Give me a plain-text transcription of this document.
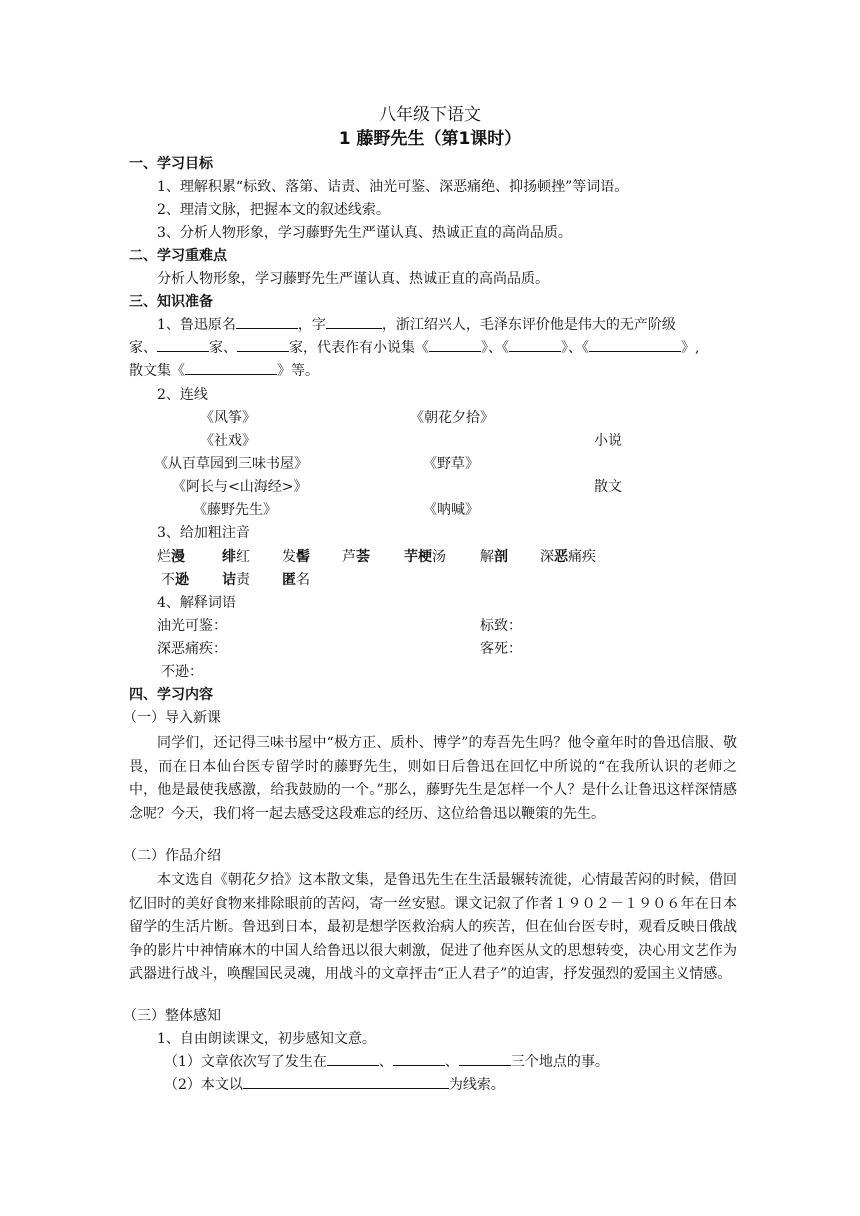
八年级下语文
1 藤野先生（第1课时）
一、学习目标
1、理解积累“标致、落第、诘责、油光可鉴、深恶痛绝、抑扬顿挫”等词语。
2、理清文脉，把握本文的叙述线索。
3、分析人物形象，学习藤野先生严谨认真、热诚正直的高尚品质。
二、学习重难点
分析人物形象，学习藤野先生严谨认真、热诚正直的高尚品质。
三、知识准备
1、鲁迅原名	，字	，浙江绍兴人，毛泽东评价他是伟大的无产阶级
家、	家、	家，代表作有小说集《	》、《	》、《	》,
散文集《	》等。
2、连线
《风筝》	《朝花夕拾》
《社戏》	小说
《从百草园到三味书屋》	《野草》
《阿长与<山海经>》	散文
《藤野先生》	《呐喊》
3、给加粗注音
烂漫	绯红 发髻 芦荟 芋梗汤 解剖 深恶痛疾
不逊 诘责 匿名
4、解释词语
油光可鉴：	标致：
深恶痛疾：	客死：
不逊：
四、学习内容
（一）导入新课
同学们，还记得三味书屋中“极方正、质朴、博学”的寿吾先生吗？他令童年时的鲁迅信服、敬畏，而在日本仙台医专留学时的藤野先生，则如日后鲁迅在回忆中所说的“在我所认识的老师之中，他是最使我感激，给我鼓励的一个。”那么，藤野先生是怎样一个人？是什么让鲁迅这样深情感念呢？今天，我们将一起去感受这段难忘的经历、这位给鲁迅以鞭策的先生。
（二）作品介绍
本文选自《朝花夕拾》这本散文集，是鲁迅先生在生活最辗转流徙，心情最苦闷的时候，借回忆旧时的美好食物来排除眼前的苦闷，寄一丝安慰。课文记叙了作者１９０２－１９０６年在日本留学的生活片断。鲁迅到日本，最初是想学医救治病人的疾苦，但在仙台医专时，观看反映日俄战争的影片中神情麻木的中国人给鲁迅以很大刺激，促进了他弃医从文的思想转变，决心用文艺作为武器进行战斗，唤醒国民灵魂，用战斗的文章抨击“正人君子”的迫害，抒发强烈的爱国主义情感。
（三）整体感知
1、自由朗读课文，初步感知文意。
（1）文章依次写了发生在	、	、	三个地点的事。
（2）本文以	为线索。
